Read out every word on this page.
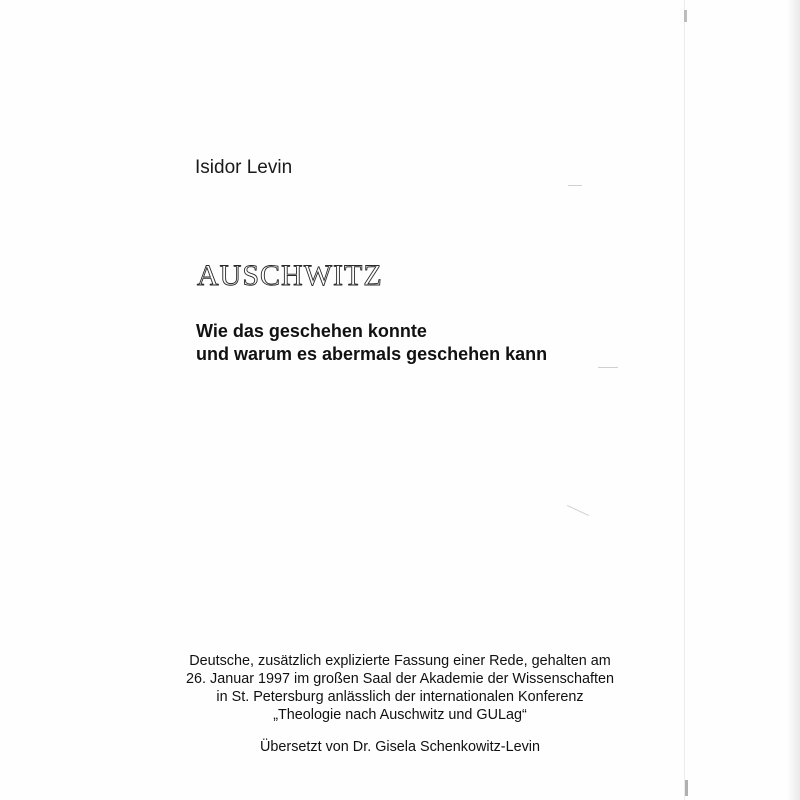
Isidor Levin
AUSCHWITZ
Wie das geschehen konnte
und warum es abermals geschehen kann
Deutsche, zusätzlich explizierte Fassung einer Rede, gehalten am
26. Januar 1997 im großen Saal der Akademie der Wissenschaften
in St. Petersburg anlässlich der internationalen Konferenz
„Theologie nach Auschwitz und GULag“
Übersetzt von Dr. Gisela Schenkowitz-Levin
